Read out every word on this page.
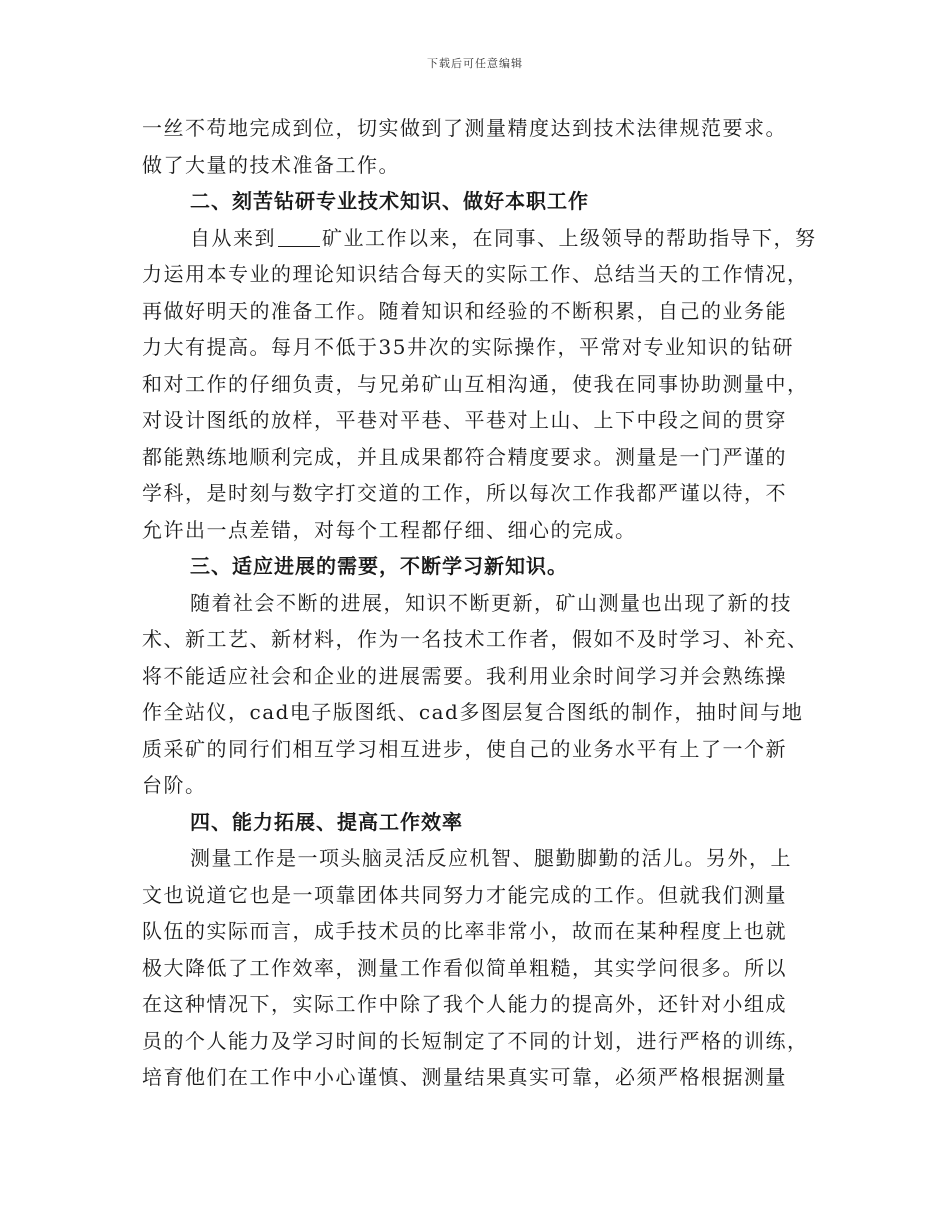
下载后可任意编辑
一丝不苟地完成到位，切实做到了测量精度达到技术法律规范要求。
做了大量的技术准备工作。
二、刻苦钻研专业技术知识、做好本职工作
自从来到 矿业工作以来，在同事、上级领导的帮助指导下，努
力运用本专业的理论知识结合每天的实际工作、总结当天的工作情况，
再做好明天的准备工作。随着知识和经验的不断积累，自己的业务能
力大有提高。每月不低于35井次的实际操作，平常对专业知识的钻研
和对工作的仔细负责，与兄弟矿山互相沟通，使我在同事协助测量中，
对设计图纸的放样，平巷对平巷、平巷对上山、上下中段之间的贯穿
都能熟练地顺利完成，并且成果都符合精度要求。测量是一门严谨的
学科，是时刻与数字打交道的工作，所以每次工作我都严谨以待，不
允许出一点差错，对每个工程都仔细、细心的完成。
三、适应进展的需要，不断学习新知识。
随着社会不断的进展，知识不断更新，矿山测量也出现了新的技
术、新工艺、新材料，作为一名技术工作者，假如不及时学习、补充、
将不能适应社会和企业的进展需要。我利用业余时间学习并会熟练操
作全站仪，cad电子版图纸、cad多图层复合图纸的制作，抽时间与地
质采矿的同行们相互学习相互进步，使自己的业务水平有上了一个新
台阶。
四、能力拓展、提高工作效率
测量工作是一项头脑灵活反应机智、腿勤脚勤的活儿。另外，上
文也说道它也是一项靠团体共同努力才能完成的工作。但就我们测量
队伍的实际而言，成手技术员的比率非常小，故而在某种程度上也就
极大降低了工作效率，测量工作看似简单粗糙，其实学问很多。所以
在这种情况下，实际工作中除了我个人能力的提高外，还针对小组成
员的个人能力及学习时间的长短制定了不同的计划，进行严格的训练，
培育他们在工作中小心谨慎、测量结果真实可靠，必须严格根据测量
